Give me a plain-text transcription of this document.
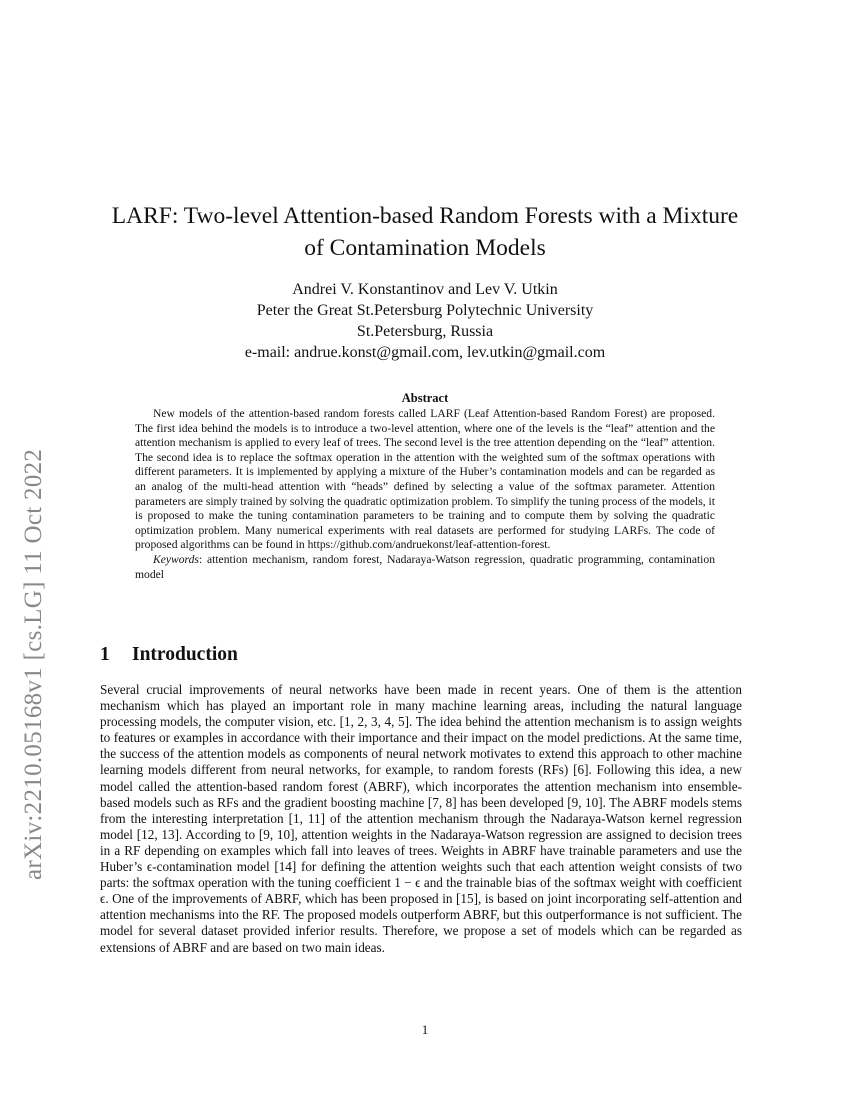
arXiv:2210.05168v1 [cs.LG] 11 Oct 2022
LARF: Two-level Attention-based Random Forests with a Mixture of Contamination Models
Andrei V. Konstantinov and Lev V. Utkin
Peter the Great St.Petersburg Polytechnic University
St.Petersburg, Russia
e-mail: andrue.konst@gmail.com, lev.utkin@gmail.com
Abstract

New models of the attention-based random forests called LARF (Leaf Attention-based Random Forest) are proposed. The first idea behind the models is to introduce a two-level attention, where one of the levels is the “leaf” attention and the attention mechanism is applied to every leaf of trees. The second level is the tree attention depending on the “leaf” attention. The second idea is to replace the softmax operation in the attention with the weighted sum of the softmax operations with different parameters. It is implemented by applying a mixture of the Huber’s contamination models and can be regarded as an analog of the multi-head attention with “heads” defined by selecting a value of the softmax parameter. Attention parameters are simply trained by solving the quadratic optimization problem. To simplify the tuning process of the models, it is proposed to make the tuning contamination parameters to be training and to compute them by solving the quadratic optimization problem. Many numerical experiments with real datasets are performed for studying LARFs. The code of proposed algorithms can be found in https://github.com/andruekonst/leaf-attention-forest.

Keywords: attention mechanism, random forest, Nadaraya-Watson regression, quadratic programming, contamination model

1 Introduction

Several crucial improvements of neural networks have been made in recent years. One of them is the attention mechanism which has played an important role in many machine learning areas, including the natural language processing models, the computer vision, etc. [1, 2, 3, 4, 5]. The idea behind the attention mechanism is to assign weights to features or examples in accordance with their importance and their impact on the model predictions. At the same time, the success of the attention models as components of neural network motivates to extend this approach to other machine learning models different from neural networks, for example, to random forests (RFs) [6]. Following this idea, a new model called the attention-based random forest (ABRF), which incorporates the attention mechanism into ensemble-based models such as RFs and the gradient boosting machine [7, 8] has been developed [9, 10]. The ABRF models stems from the interesting interpretation [1, 11] of the attention mechanism through the Nadaraya-Watson kernel regression model [12, 13]. According to [9, 10], attention weights in the Nadaraya-Watson regression are assigned to decision trees in a RF depending on examples which fall into leaves of trees. Weights in ABRF have trainable parameters and use the Huber’s ϵ-contamination model [14] for defining the attention weights such that each attention weight consists of two parts: the softmax operation with the tuning coefficient 1 − ϵ and the trainable bias of the softmax weight with coefficient ϵ. One of the improvements of ABRF, which has been proposed in [15], is based on joint incorporating self-attention and attention mechanisms into the RF. The proposed models outperform ABRF, but this outperformance is not sufficient. The model for several dataset provided inferior results. Therefore, we propose a set of models which can be regarded as extensions of ABRF and are based on two main ideas.

1
